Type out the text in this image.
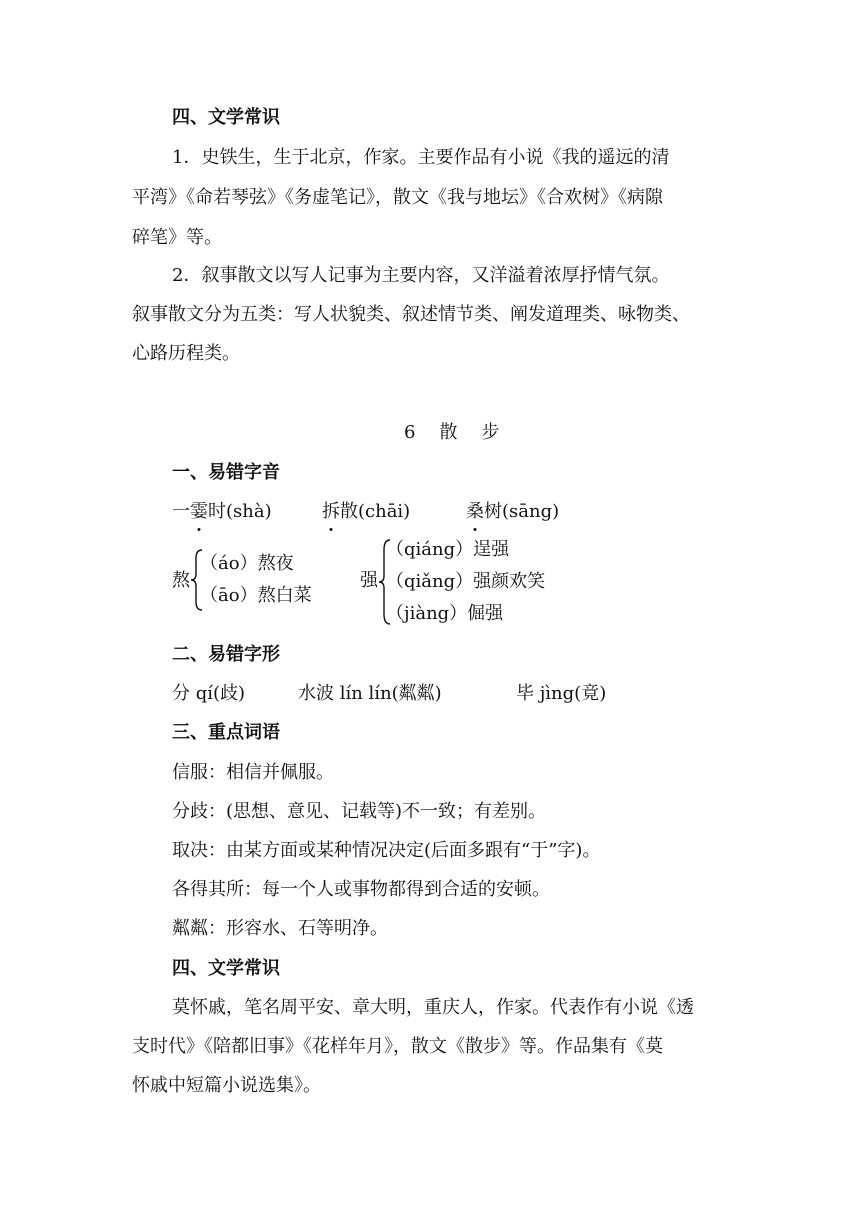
四、文学常识
1．史铁生，生于北京，作家。主要作品有小说《我的遥远的清
平湾》《命若琴弦》《务虚笔记》，散文《我与地坛》《合欢树》《病隙
碎笔》等。
2．叙事散文以写人记事为主要内容，又洋溢着浓厚抒情气氛。
叙事散文分为五类：写人状貌类、叙述情节类、阐发道理类、咏物类、
心路历程类。
6 散 步
一、易错字音
一霎时(shà)	拆散(chāi)	桑树(sāng)
熬
（áo）熬夜
（āo）熬白菜
强
（qiáng）逞强
（qiǎng）强颜欢笑
（jiàng）倔强
二、易错字形
分 qí(歧)	水波 lín lín(粼粼)	毕 jìng(竟)
三、重点词语
信服：相信并佩服。
分歧：(思想、意见、记载等)不一致；有差别。
取决：由某方面或某种情况决定(后面多跟有“于”字)。
各得其所：每一个人或事物都得到合适的安顿。
粼粼：形容水、石等明净。
四、文学常识
莫怀戚，笔名周平安、章大明，重庆人，作家。代表作有小说《透
支时代》《陪都旧事》《花样年月》，散文《散步》等。作品集有《莫
怀戚中短篇小说选集》。
